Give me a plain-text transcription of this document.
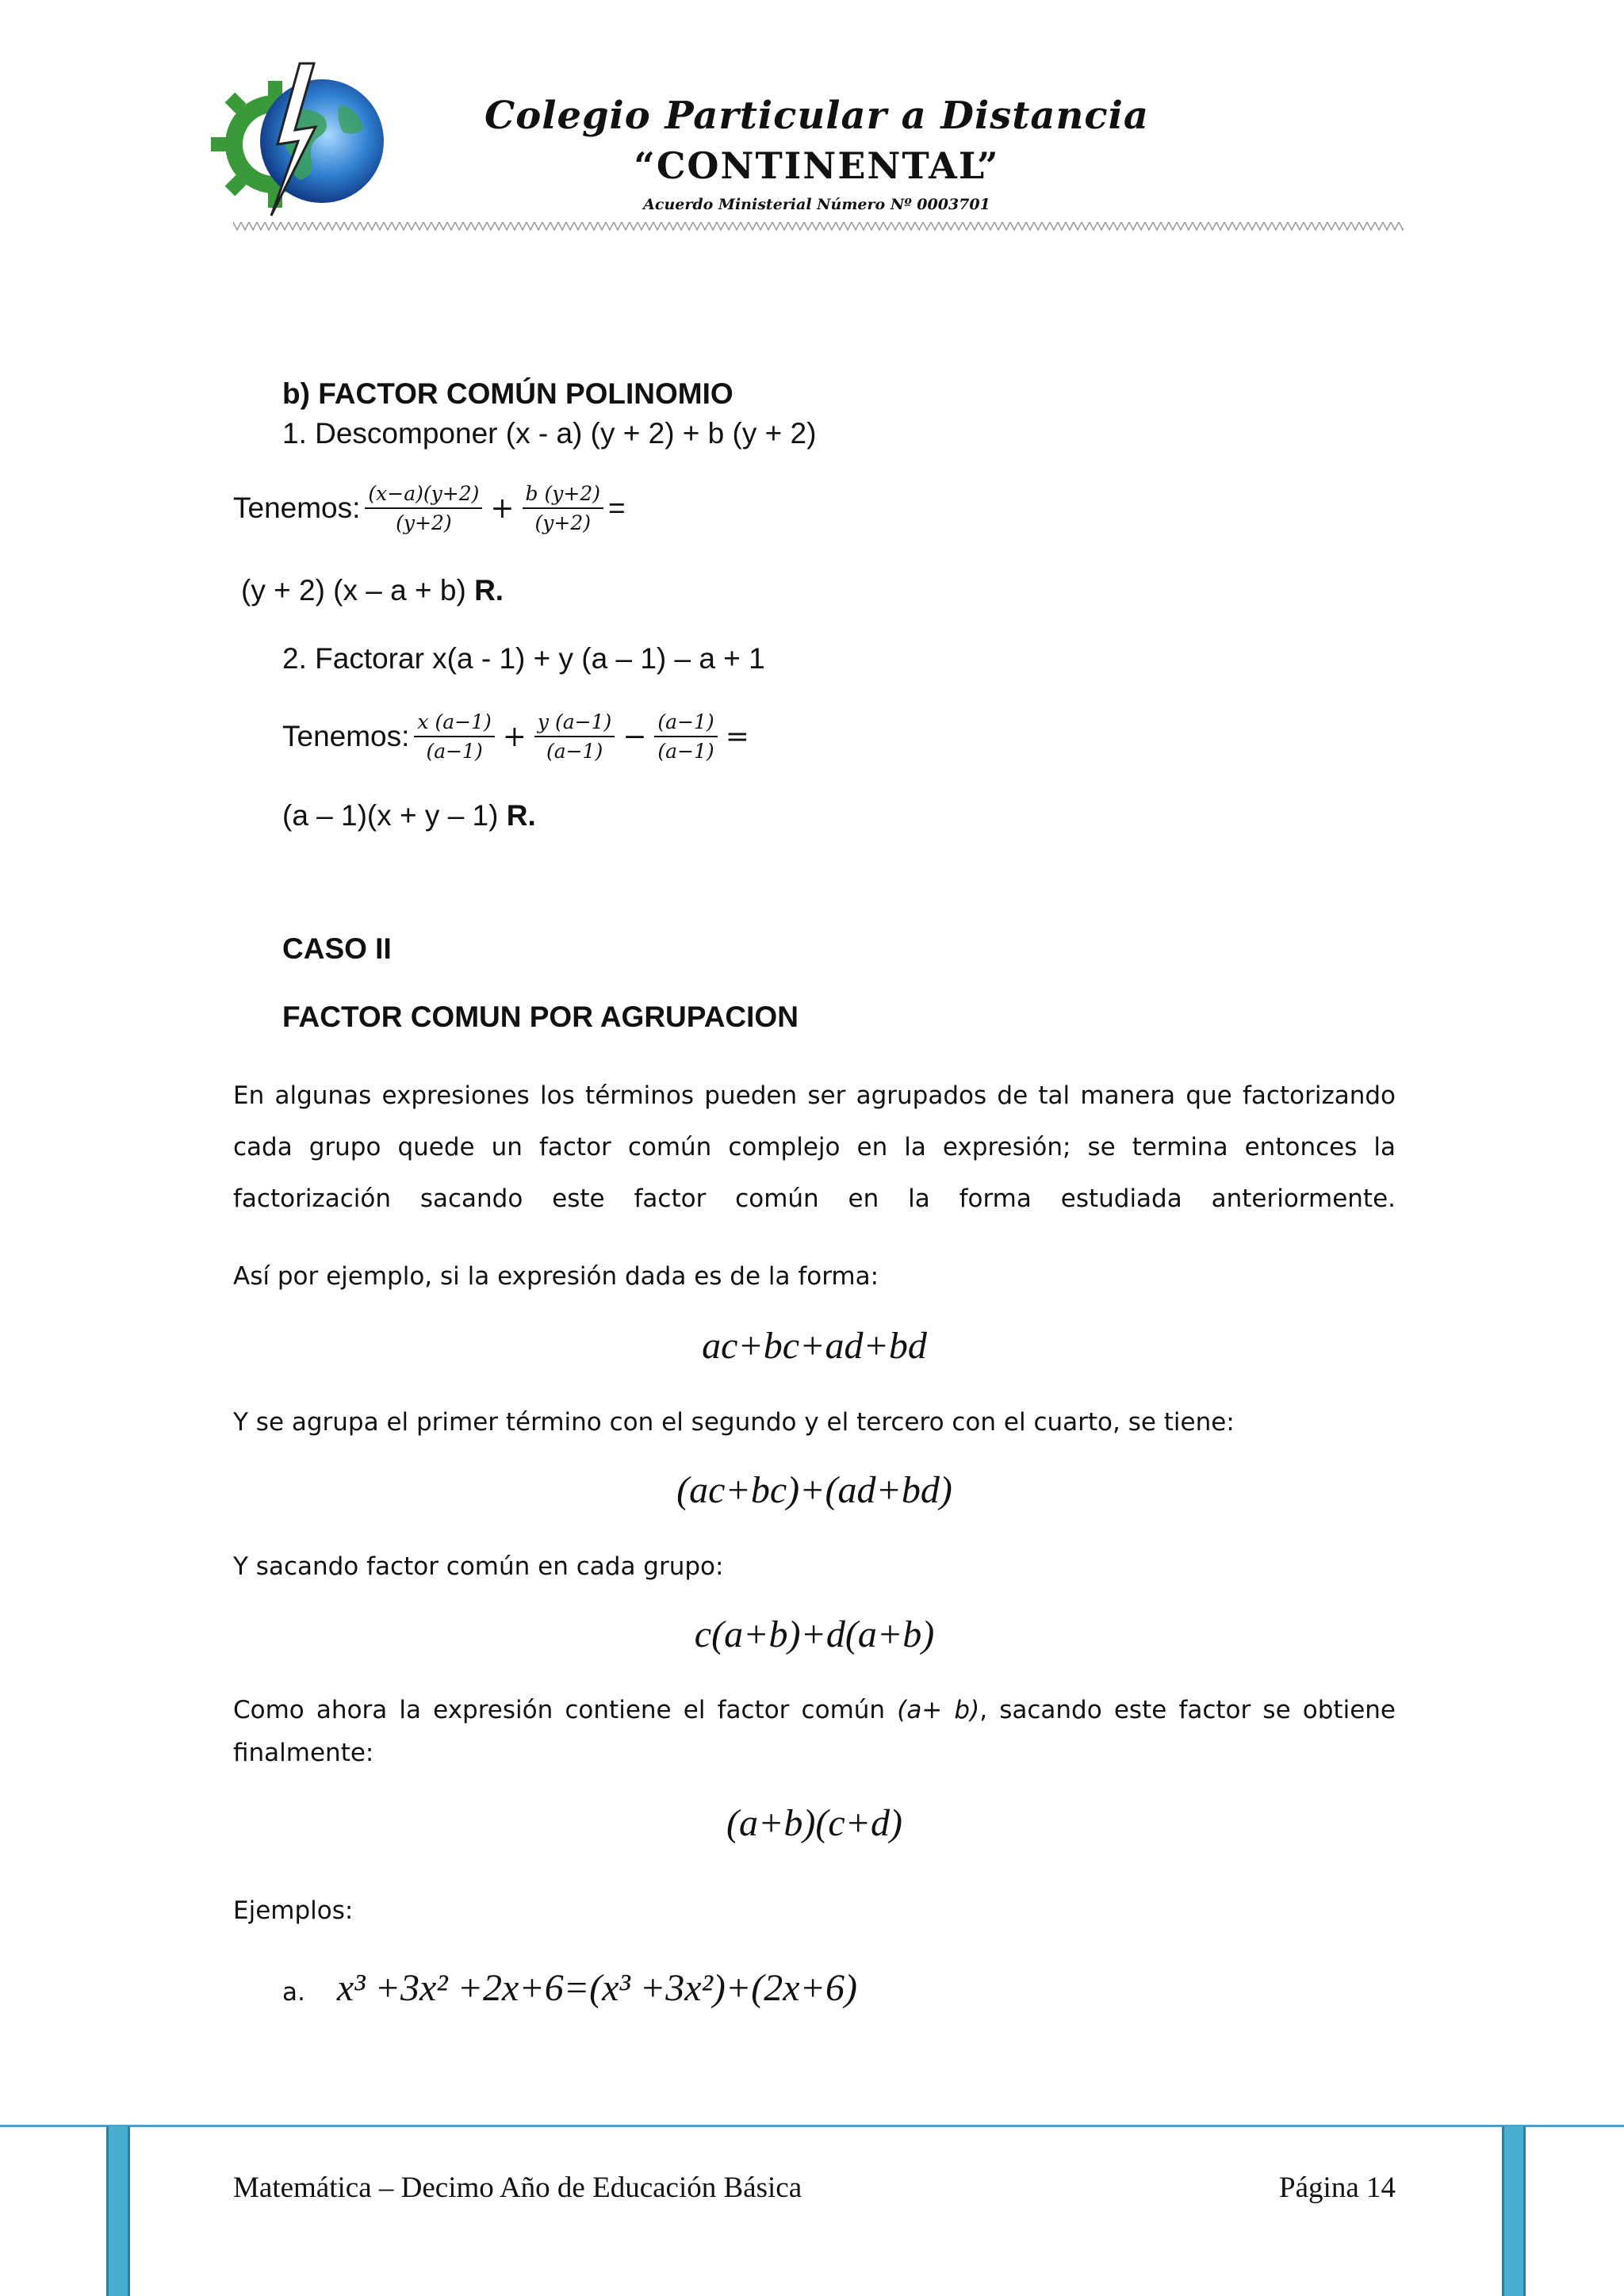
Colegio Particular a Distancia
“CONTINENTAL”
Acuerdo Ministerial Número Nº 0003701
b) FACTOR COMÚN POLINOMIO
1. Descomponer (x - a) (y + 2) + b (y + 2)
Tenemos: $\frac{(x-a)(y+2)}{(y+2)} + \frac{b (y+2)}{(y+2)}$ =
(y + 2) (x – a + b) R.
2. Factorar x(a - 1) + y (a – 1) – a + 1
Tenemos: $\frac{x (a-1)}{(a-1)} + \frac{y (a-1)}{(a-1)} - \frac{(a-1)}{(a-1)}$ =
(a – 1)(x + y – 1) R.
CASO II
FACTOR COMUN POR AGRUPACION
En algunas expresiones los términos pueden ser agrupados de tal manera que factorizando cada grupo quede un factor común complejo en la expresión; se termina entonces la factorización sacando este factor común en la forma estudiada anteriormente.
Así por ejemplo, si la expresión dada es de la forma:
ac+bc+ad+bd
Y se agrupa el primer término con el segundo y el tercero con el cuarto, se tiene:
(ac+bc)+(ad+bd)
Y sacando factor común en cada grupo:
c(a+b)+d(a+b)
Como ahora la expresión contiene el factor común (a+ b), sacando este factor se obtiene finalmente:
(a+b)(c+d)
Ejemplos:
a. x³ +3x² +2x+6=(x³ +3x²)+(2x+6)
Matemática – Decimo Año de Educación Básica	Página 14
